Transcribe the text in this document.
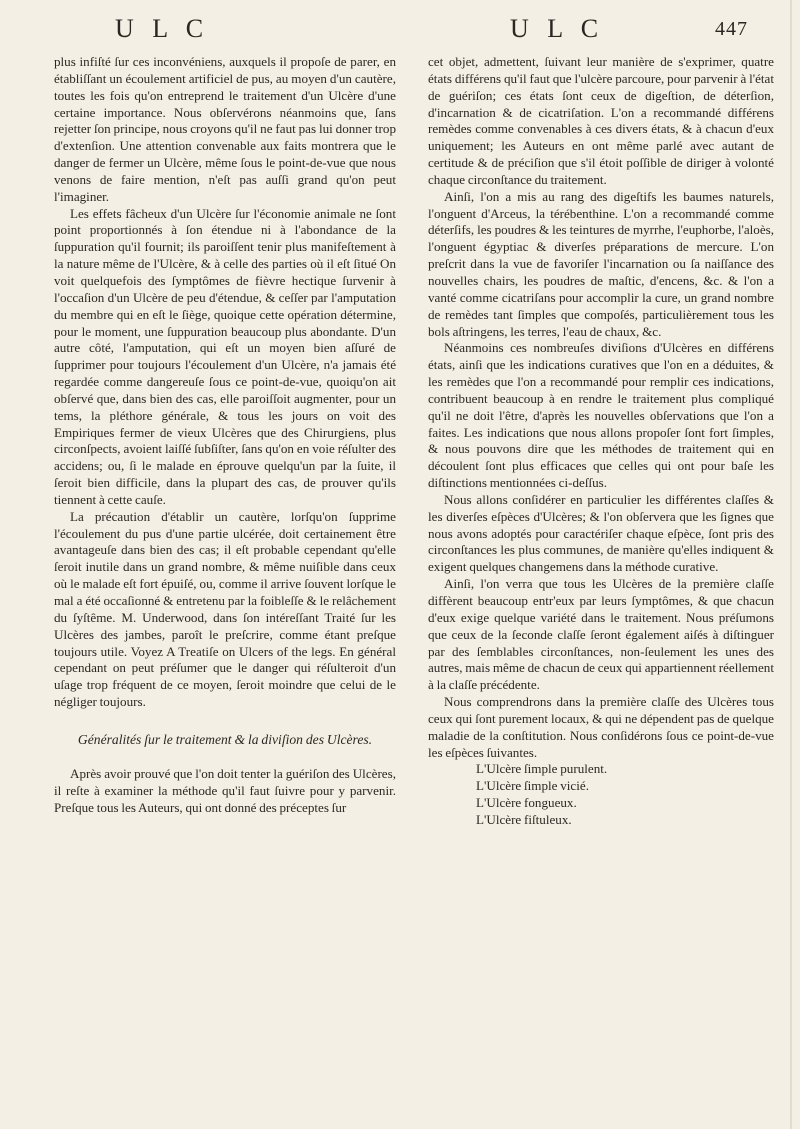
U L C	U L C	447

plus infiſté ſur ces inconvéniens, auxquels il propoſe de parer, en établiſſant un écoulement artificiel de pus, au moyen d'un cautère, toutes les fois qu'on entreprend le traitement d'un Ulcère d'une certaine importance. Nous obſervérons néanmoins que, ſans rejetter ſon principe, nous croyons qu'il ne faut pas lui donner trop d'extenſion. Une attention convenable aux faits montrera que le danger de fermer un Ulcère, même ſous le point-de-vue que nous venons de faire mention, n'eſt pas auſſi grand qu'on peut l'imaginer.

Les effets fâcheux d'un Ulcère ſur l'économie animale ne ſont point proportionnés à ſon étendue ni à l'abondance de la ſuppuration qu'il fournit; ils paroiſſent tenir plus manifeſtement à la nature même de l'Ulcère, & à celle des parties où il eſt ſitué On voit quelquefois des ſymptômes de fièvre hectique ſurvenir à l'occaſion d'un Ulcère de peu d'étendue, & ceſſer par l'amputation du membre qui en eſt le ſiège, quoique cette opération détermine, pour le moment, une ſuppuration beaucoup plus abondante. D'un autre côté, l'amputation, qui eſt un moyen bien aſſuré de ſupprimer pour toujours l'écoulement d'un Ulcère, n'a jamais été regardée comme dangereuſe ſous ce point-de-vue, quoiqu'on ait obſervé que, dans bien des cas, elle paroiſſoit augmenter, pour un tems, la pléthore générale, & tous les jours on voit des Empiriques fermer de vieux Ulcères que des Chirurgiens, plus circonſpects, avoient laiſſé ſubſiſter, ſans qu'on en voie réſulter des accidens; ou, ſi le malade en éprouve quelqu'un par la ſuite, il ſeroit bien difficile, dans la plupart des cas, de prouver qu'ils tiennent à cette cauſe.

La précaution d'établir un cautère, lorſqu'on ſupprime l'écoulement du pus d'une partie ulcérée, doit certainement être avantageuſe dans bien des cas; il eſt probable cependant qu'elle ſeroit inutile dans un grand nombre, & même nuiſible dans ceux où le malade eſt fort épuiſé, ou, comme il arrive ſouvent lorſque le mal a été occaſionné & entretenu par la foibleſſe & le relâchement du ſyſtême. M. Underwood, dans ſon intéreſſant Traité ſur les Ulcères des jambes, paroît le preſcrire, comme étant preſque toujours utile. Voyez A Treatiſe on Ulcers of the legs. En général cependant on peut préſumer que le danger qui réſulteroit d'un uſage trop fréquent de ce moyen, ſeroit moindre que celui de le négliger toujours.

Généralités ſur le traitement & la diviſion des Ulcères.

Après avoir prouvé que l'on doit tenter la guériſon des Ulcères, il reſte à examiner la méthode qu'il faut ſuivre pour y parvenir. Preſque tous les Auteurs, qui ont donné des préceptes ſur

cet objet, admettent, ſuivant leur manière de s'exprimer, quatre états différens qu'il faut que l'ulcère parcoure, pour parvenir à l'état de guériſon; ces états ſont ceux de digeſtion, de déterſion, d'incarnation & de cicatriſation. L'on a recommandé différens remèdes comme convenables à ces divers états, & à chacun d'eux uniquement; les Auteurs en ont même parlé avec autant de certitude & de préciſion que s'il étoit poſſible de diriger à volonté chaque circonſtance du traitement.

Ainſi, l'on a mis au rang des digeſtifs les baumes naturels, l'onguent d'Arceus, la térébenthine. L'on a recommandé comme déterſifs, les poudres & les teintures de myrrhe, l'euphorbe, l'aloès, l'onguent égyptiac & diverſes préparations de mercure. L'on preſcrit dans la vue de favoriſer l'incarnation ou ſa naiſſance des nouvelles chairs, les poudres de maſtic, d'encens, &c. & l'on a vanté comme cicatriſans pour accomplir la cure, un grand nombre de remèdes tant ſimples que compoſés, particulièrement tous les bols aſtringens, les terres, l'eau de chaux, &c.

Néanmoins ces nombreuſes diviſions d'Ulcères en différens états, ainſi que les indications curatives que l'on en a déduites, & les remèdes que l'on a recommandé pour remplir ces indications, contribuent beaucoup à en rendre le traitement plus compliqué qu'il ne doit l'être, d'après les nouvelles obſervations que l'on a faites. Les indications que nous allons propoſer ſont fort ſimples, & nous pouvons dire que les méthodes de traitement qui en découlent ſont plus efficaces que celles qui ont pour baſe les diſtinctions mentionnées ci-deſſus.

Nous allons conſidérer en particulier les différentes claſſes & les diverſes eſpèces d'Ulcères; & l'on obſervera que les ſignes que nous avons adoptés pour caractériſer chaque eſpèce, ſont pris des circonſtances les plus communes, de manière qu'elles indiquent & exigent quelques changemens dans la méthode curative.

Ainſi, l'on verra que tous les Ulcères de la première claſſe diffèrent beaucoup entr'eux par leurs ſymptômes, & que chacun d'eux exige quelque variété dans le traitement. Nous préſumons que ceux de la ſeconde claſſe ſeront également aiſés à diſtinguer par des ſemblables circonſtances, non-ſeulement les unes des autres, mais même de chacun de ceux qui appartiennent réellement à la claſſe précédente.

Nous comprendrons dans la première claſſe des Ulcères tous ceux qui ſont purement locaux, & qui ne dépendent pas de quelque maladie de la conſtitution. Nous conſidérons ſous ce point-de-vue les eſpèces ſuivantes.

L'Ulcère ſimple purulent.

L'Ulcère ſimple vicié.

L'Ulcère fongueux.

L'Ulcère fiſtuleux.
